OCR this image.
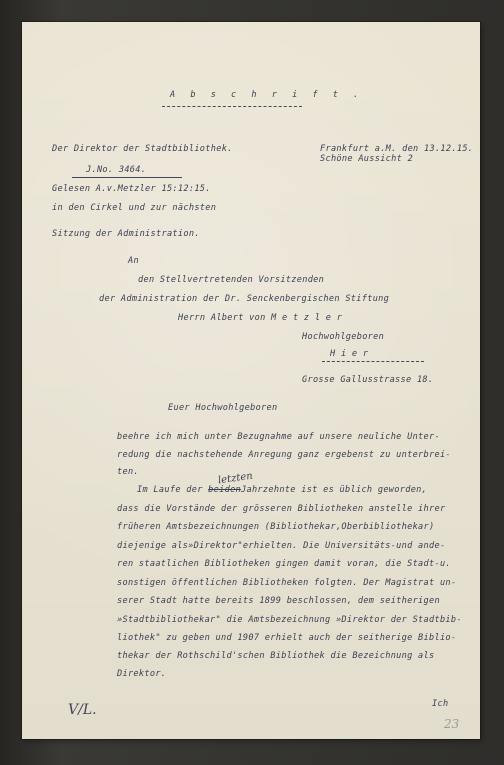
A b s c h r i f t .
Der Direktor der Stadtbibliothek.	Frankfurt a.M. den 13.12.15.
Schöne Aussicht 2
J.No. 3464.
Gelesen A.v.Metzler 15:12:15.
in den Cirkel und zur nächsten
Sitzung der Administration.
An
den Stellvertretenden Vorsitzenden
der Administration der Dr. Senckenbergischen Stiftung
Herrn Albert von M e t z l e r
Hochwohlgeboren
H i e r
Grosse Gallusstrasse 18.
Euer Hochwohlgeboren
beehre ich mich unter Bezugnahme auf unsere neuliche Unter-
redung die nachstehende Anregung ganz ergebenst zu unterbrei-
ten.	letzten
Im Laufe der beidenJahrzehnte ist es üblich geworden,
dass die Vorstände der grösseren Bibliotheken anstelle ihrer
früheren Amtsbezeichnungen (Bibliothekar,Oberbibliothekar)
diejenige als»Direktor"erhielten. Die Universitäts-und ande-
ren staatlichen Bibliotheken gingen damit voran, die Stadt-u.
sonstigen öffentlichen Bibliotheken folgten. Der Magistrat un-
serer Stadt hatte bereits 1899 beschlossen, dem seitherigen
»Stadtbibliothekar" die Amtsbezeichnung »Direktor der Stadtbib-
liothek" zu geben und 1907 erhielt auch der seitherige Biblio-
thekar der Rothschild'schen Bibliothek die Bezeichnung als
Direktor.
Ich
V/L.
23
